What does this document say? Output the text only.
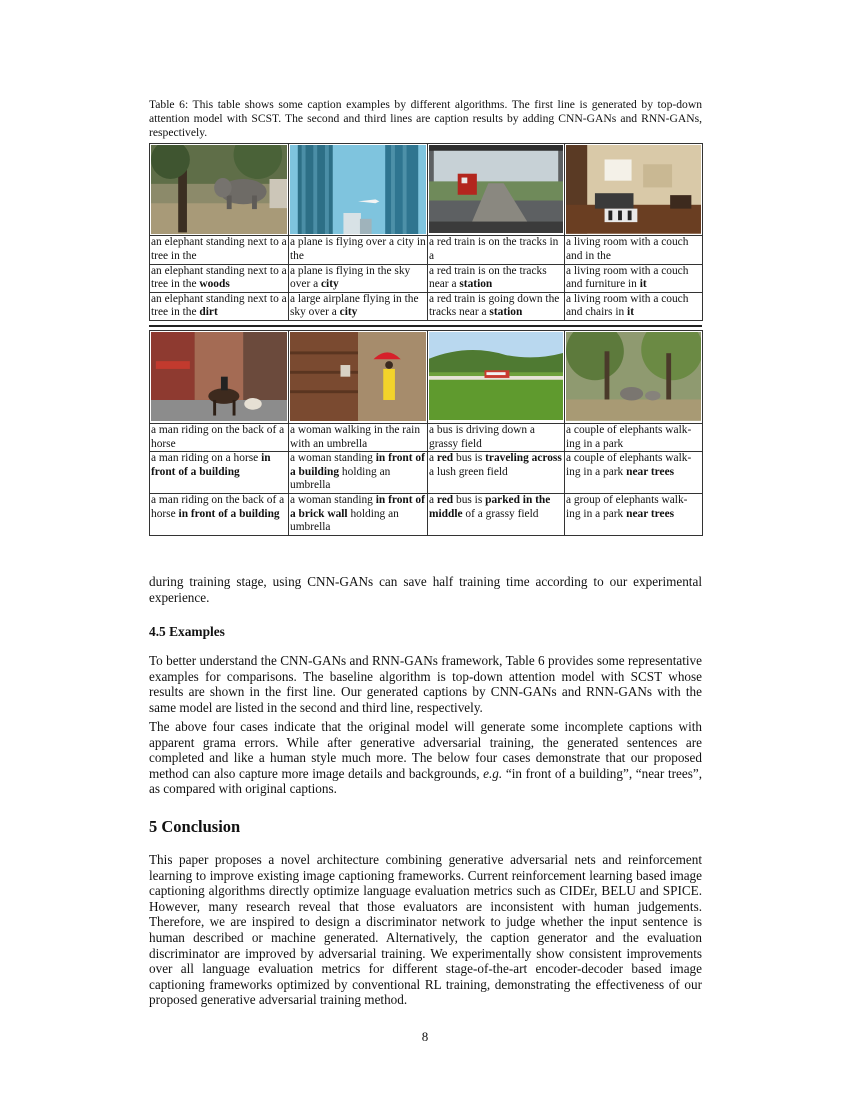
Table 6: This table shows some caption examples by different algorithms. The first line is generated by top-down attention model with SCST. The second and third lines are caption results by adding CNN-GANs and RNN-GANs, respectively.

an elephant standing next to a tree in the	a plane is flying over a city in the	a red train is on the tracks in a	a living room with a couch and in the
an elephant standing next to a tree in the woods	a plane is flying in the sky over a city	a red train is on the tracks near a station	a living room with a couch and furniture in it
an elephant standing next to a tree in the dirt	a large airplane flying in the sky over a city	a red train is going down the tracks near a station	a living room with a couch and chairs in it

a man riding on the back of a horse	a woman walking in the rain with an umbrella	a bus is driving down a grassy field	a couple of elephants walk-ing in a park
a man riding on a horse in front of a building	a woman standing in front of a building holding an umbrella	a red bus is traveling across a lush green field	a couple of elephants walk-ing in a park near trees
a man riding on the back of a horse in front of a building	a woman standing in front of a brick wall holding an umbrella	a red bus is parked in the middle of a grassy field	a group of elephants walk-ing in a park near trees
during training stage, using CNN-GANs can save half training time according to our experimental experience.
4.5 Examples
To better understand the CNN-GANs and RNN-GANs framework, Table 6 provides some representative examples for comparisons. The baseline algorithm is top-down attention model with SCST whose results are shown in the first line. Our generated captions by CNN-GANs and RNN-GANs with the same model are listed in the second and third line, respectively.
The above four cases indicate that the original model will generate some incomplete captions with apparent grama errors. While after generative adversarial training, the generated sentences are completed and like a human style much more. The below four cases demonstrate that our proposed method can also capture more image details and backgrounds, e.g. “in front of a building”, “near trees”, as compared with original captions.
5 Conclusion
This paper proposes a novel architecture combining generative adversarial nets and reinforcement learning to improve existing image captioning frameworks. Current reinforcement learning based image captioning algorithms directly optimize language evaluation metrics such as CIDEr, BELU and SPICE. However, many research reveal that those evaluators are inconsistent with human judgements. Therefore, we are inspired to design a discriminator network to judge whether the input sentence is human described or machine generated. Alternatively, the caption generator and the evaluation discriminator are improved by adversarial training. We experimentally show consistent improvements over all language evaluation metrics for different stage-of-the-art encoder-decoder based image captioning frameworks optimized by conventional RL training, demonstrating the effectiveness of our proposed generative adversarial training method.
8
